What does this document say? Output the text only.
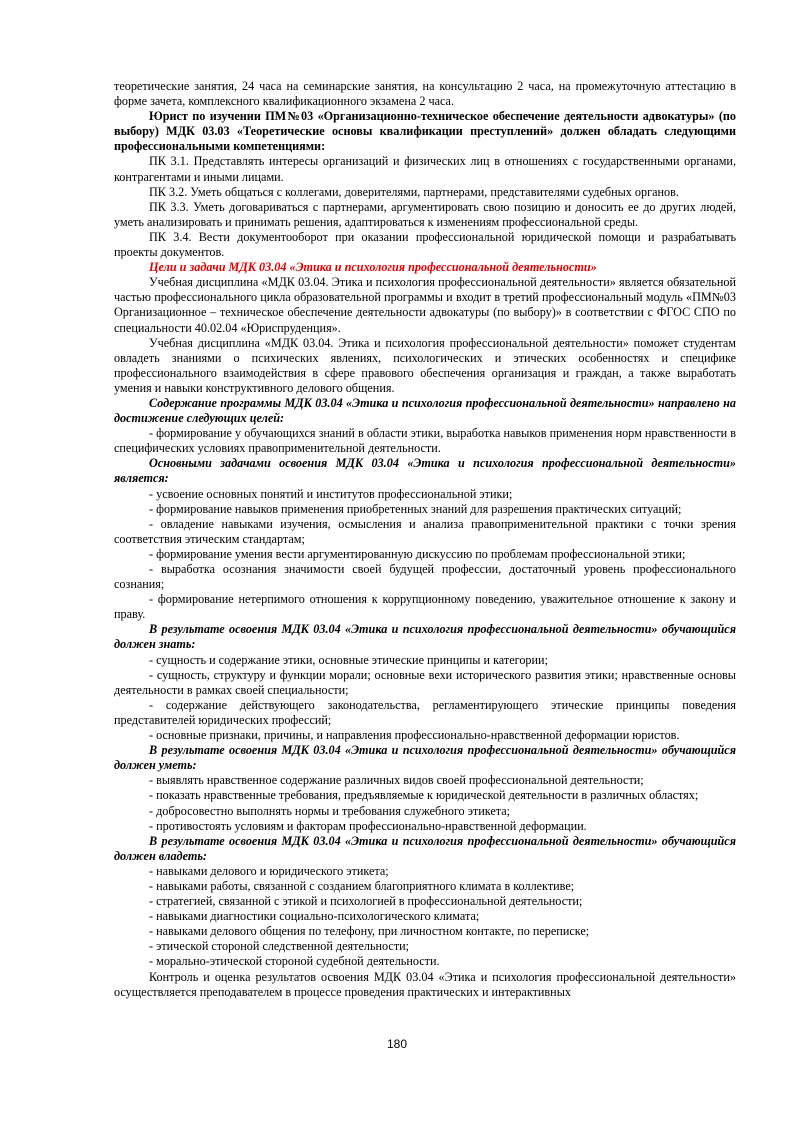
теоретические занятия, 24 часа на семинарские занятия, на консультацию 2 часа, на промежуточную аттестацию в форме зачета, комплексного квалификационного экзамена 2 часа.

Юрист по изучении ПМ№03 «Организационно-техническое обеспечение деятельности адвокатуры» (по выбору) МДК 03.03 «Теоретические основы квалификации преступлений» должен обладать следующими профессиональными компетенциями:

ПК 3.1. Представлять интересы организаций и физических лиц в отношениях с государственными органами, контрагентами и иными лицами.

ПК 3.2. Уметь общаться с коллегами, доверителями, партнерами, представителями судебных органов.

ПК 3.3. Уметь договариваться с партнерами, аргументировать свою позицию и доносить ее до других людей, уметь анализировать и принимать решения, адаптироваться к изменениям профессиональной среды.

ПК 3.4. Вести документооборот при оказании профессиональной юридической помощи и разрабатывать проекты документов.

Цели и задачи МДК 03.04 «Этика и психология профессиональной деятельности»

Учебная дисциплина «МДК 03.04. Этика и психология профессиональной деятельности» является обязательной частью профессионального цикла образовательной программы и входит в третий профессиональный модуль «ПМ№03 Организационное – техническое обеспечение деятельности адвокатуры (по выбору)» в соответствии с ФГОС СПО по специальности 40.02.04 «Юриспруденция».

Учебная дисциплина «МДК 03.04. Этика и психология профессиональной деятельности» поможет студентам овладеть знаниями о психических явлениях, психологических и этических особенностях и специфике профессионального взаимодействия в сфере правового обеспечения организация и граждан, а также выработать умения и навыки конструктивного делового общения.

Содержание программы МДК 03.04 «Этика и психология профессиональной деятельности» направлено на достижение следующих целей:

- формирование у обучающихся знаний в области этики, выработка навыков применения норм нравственности в специфических условиях правоприменительной деятельности.

Основными задачами освоения МДК 03.04 «Этика и психология профессиональной деятельности» является:

- усвоение основных понятий и институтов профессиональной этики;

- формирование навыков применения приобретенных знаний для разрешения практических ситуаций;

- овладение навыками изучения, осмысления и анализа правоприменительной практики с точки зрения соответствия этическим стандартам;

- формирование умения вести аргументированную дискуссию по проблемам профессиональной этики;

- выработка осознания значимости своей будущей профессии, достаточный уровень профессионального сознания;

- формирование нетерпимого отношения к коррупционному поведению, уважительное отношение к закону и праву.

В результате освоения МДК 03.04 «Этика и психология профессиональной деятельности» обучающийся должен знать:

- сущность и содержание этики, основные этические принципы и категории;

- сущность, структуру и функции морали; основные вехи исторического развития этики; нравственные основы деятельности в рамках своей специальности;

- содержание действующего законодательства, регламентирующего этические принципы поведения представителей юридических профессий;

- основные признаки, причины, и направления профессионально-нравственной деформации юристов.

В результате освоения МДК 03.04 «Этика и психология профессиональной деятельности» обучающийся должен уметь:

- выявлять нравственное содержание различных видов своей профессиональной деятельности;

- показать нравственные требования, предъявляемые к юридической деятельности в различных областях;

- добросовестно выполнять нормы и требования служебного этикета;

- противостоять условиям и факторам профессионально-нравственной деформации.

В результате освоения МДК 03.04 «Этика и психология профессиональной деятельности» обучающийся должен владеть:

- навыками делового и юридического этикета;

- навыками работы, связанной с созданием благоприятного климата в коллективе;

- стратегией, связанной с этикой и психологией в профессиональной деятельности;

- навыками диагностики социально-психологического климата;

- навыками делового общения по телефону, при личностном контакте, по переписке;

- этической стороной следственной деятельности;

- морально-этической стороной судебной деятельности.

Контроль и оценка результатов освоения МДК 03.04 «Этика и психология профессиональной деятельности» осуществляется преподавателем в процессе проведения практических и интерактивных

180
